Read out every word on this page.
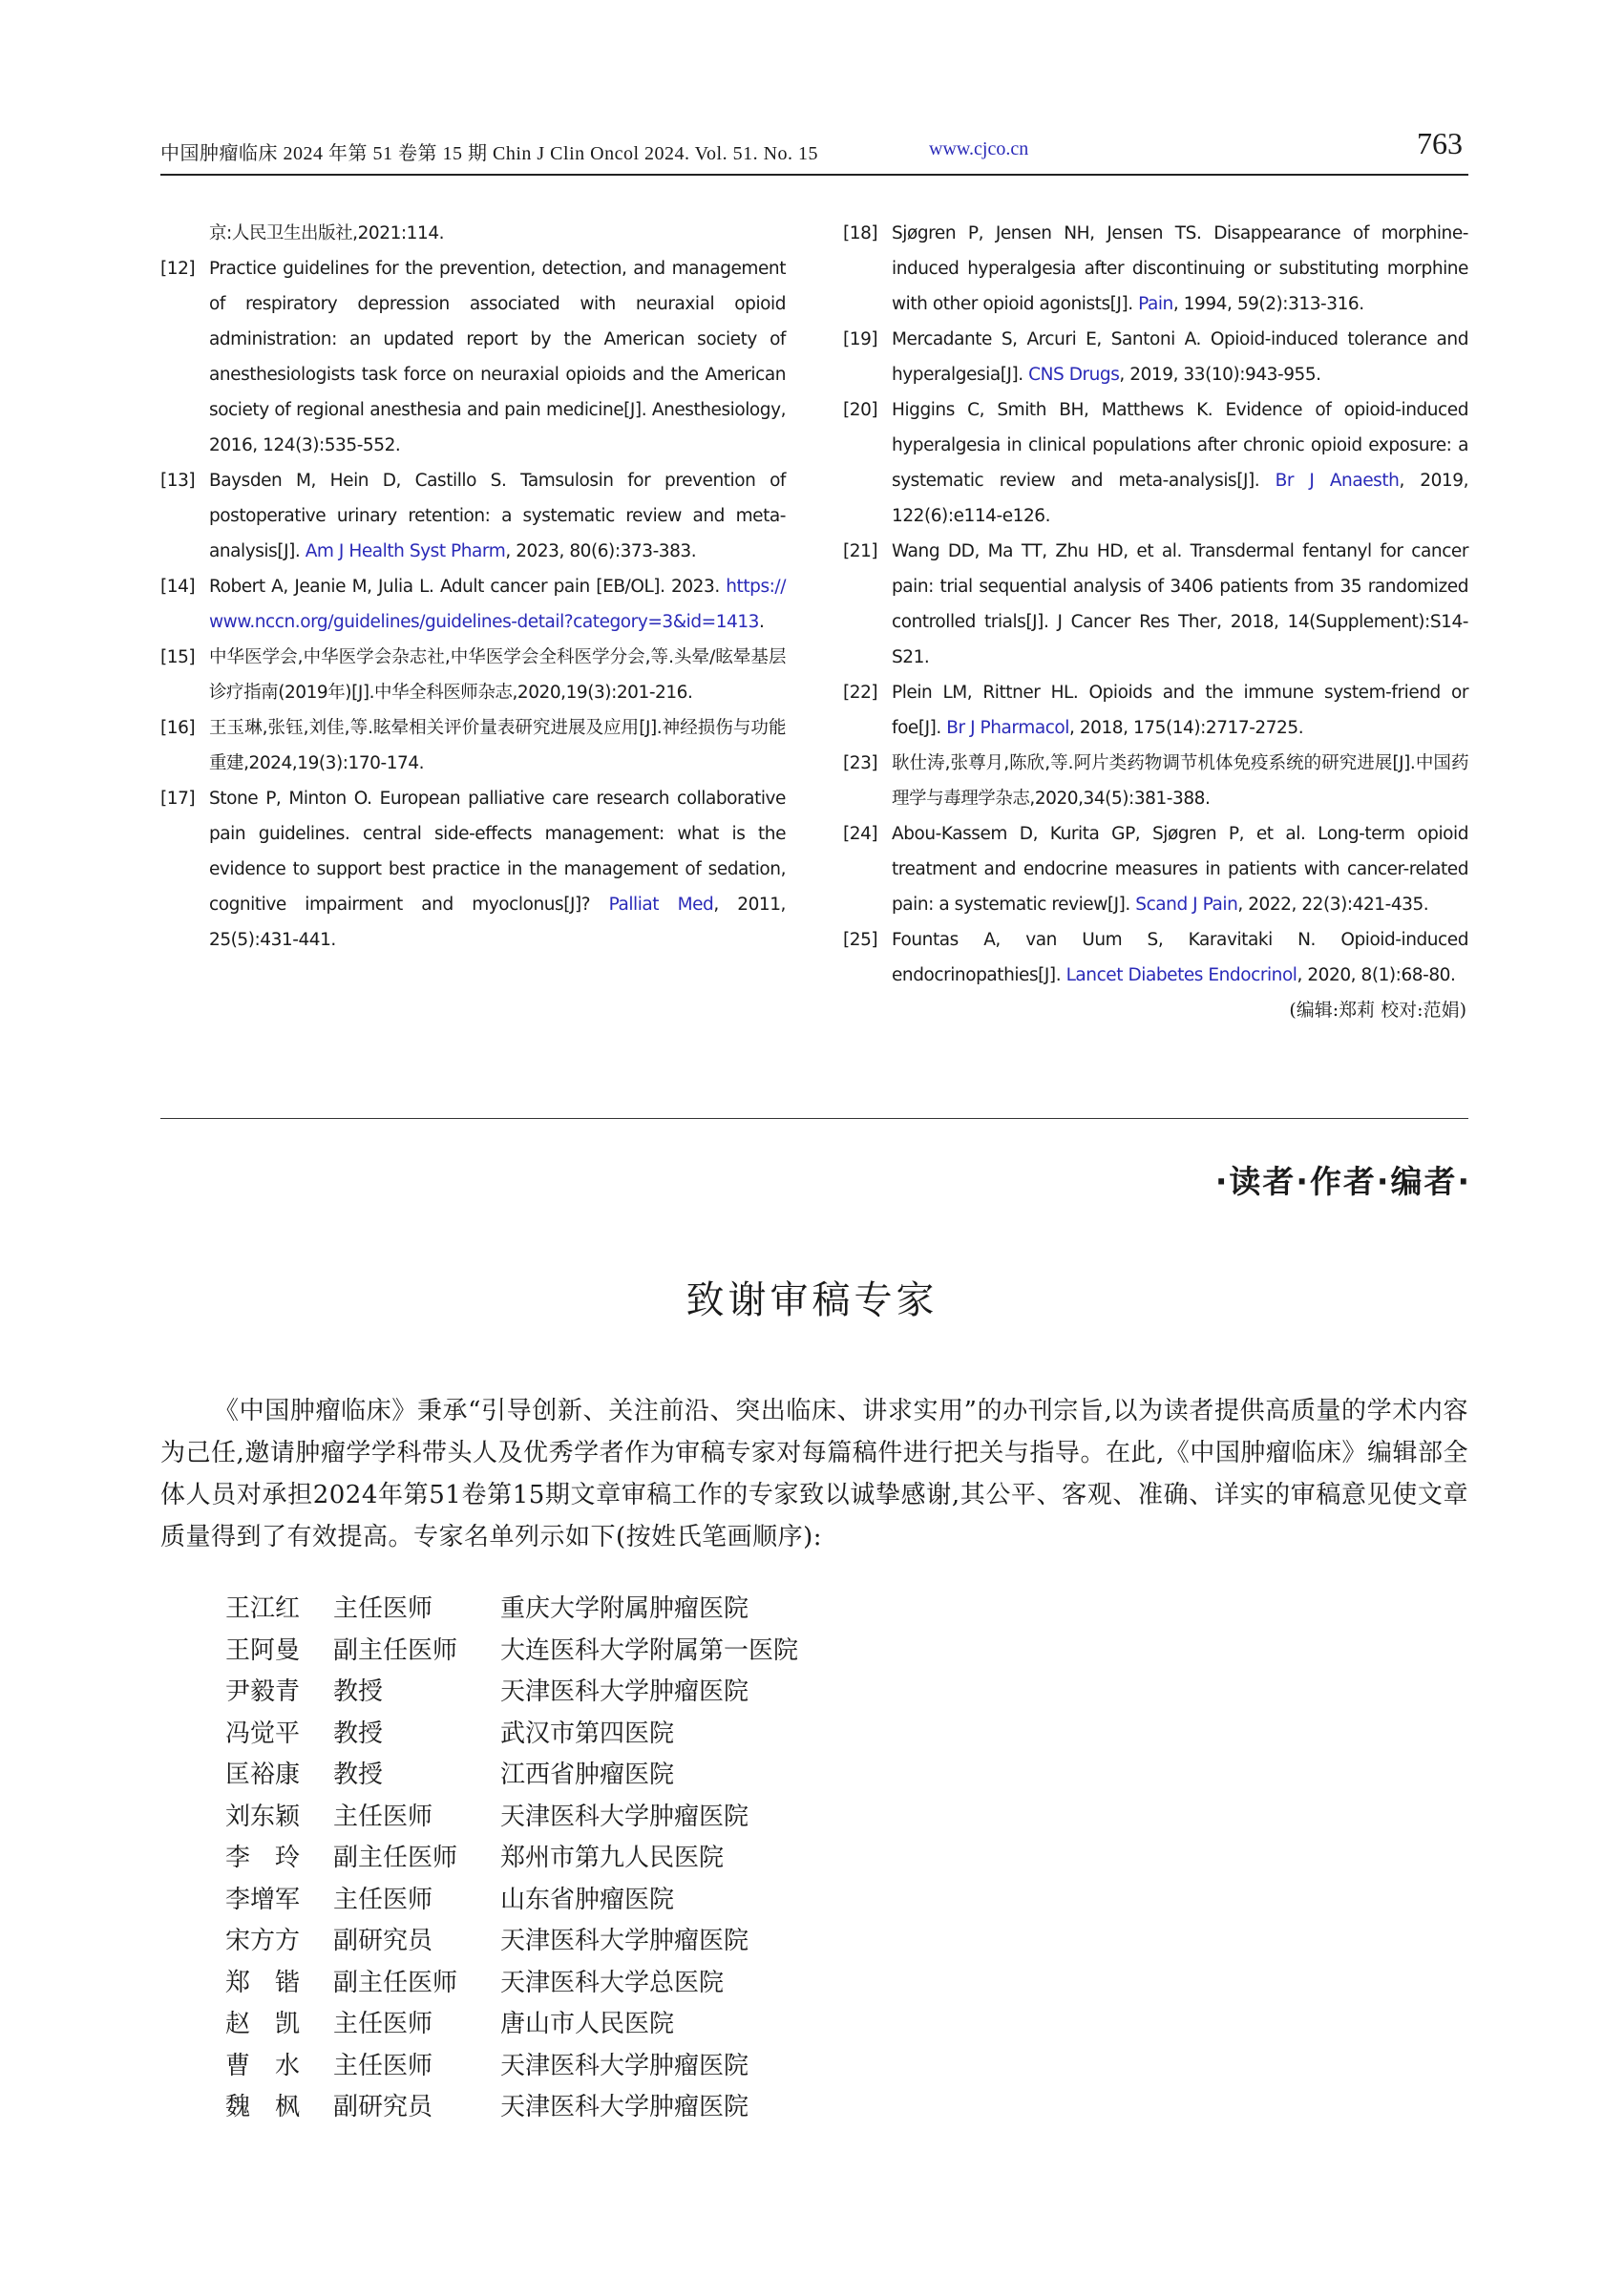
中国肿瘤临床 2024 年第 51 卷第 15 期 Chin J Clin Oncol 2024. Vol. 51. No. 15	www.cjco.cn	763
京:人民卫生出版社,2021:114.
[12] Practice guidelines for the prevention, detection, and management of respiratory depression associated with neuraxial opioid administration: an updated report by the American society of anesthesiologists task force on neuraxial opioids and the American society of regional anesthesia and pain medicine[J]. Anesthesiology, 2016, 124(3):535-552.
[13] Baysden M, Hein D, Castillo S. Tamsulosin for prevention of postoperative urinary retention: a systematic review and meta-analysis[J]. Am J Health Syst Pharm, 2023, 80(6):373-383.
[14] Robert A, Jeanie M, Julia L. Adult cancer pain [EB/OL]. 2023. https://www.nccn.org/guidelines/guidelines-detail?category=3&id=1413.
[15] 中华医学会,中华医学会杂志社,中华医学会全科医学分会,等.头晕/眩晕基层诊疗指南(2019年)[J].中华全科医师杂志,2020,19(3):201-216.
[16] 王玉琳,张钰,刘佳,等.眩晕相关评价量表研究进展及应用[J].神经损伤与功能重建,2024,19(3):170-174.
[17] Stone P, Minton O. European palliative care research collaborative pain guidelines. central side-effects management: what is the evidence to support best practice in the management of sedation, cognitive impairment and myoclonus[J]? Palliat Med, 2011, 25(5):431-441.
[18] Sjøgren P, Jensen NH, Jensen TS. Disappearance of morphine-induced hyperalgesia after discontinuing or substituting morphine with other opioid agonists[J]. Pain, 1994, 59(2):313-316.
[19] Mercadante S, Arcuri E, Santoni A. Opioid-induced tolerance and hyperalgesia[J]. CNS Drugs, 2019, 33(10):943-955.
[20] Higgins C, Smith BH, Matthews K. Evidence of opioid-induced hyperalgesia in clinical populations after chronic opioid exposure: a systematic review and meta-analysis[J]. Br J Anaesth, 2019, 122(6):e114-e126.
[21] Wang DD, Ma TT, Zhu HD, et al. Transdermal fentanyl for cancer pain: trial sequential analysis of 3406 patients from 35 randomized controlled trials[J]. J Cancer Res Ther, 2018, 14(Supplement):S14-S21.
[22] Plein LM, Rittner HL. Opioids and the immune system-friend or foe[J]. Br J Pharmacol, 2018, 175(14):2717-2725.
[23] 耿仕涛,张尊月,陈欣,等.阿片类药物调节机体免疫系统的研究进展[J].中国药理学与毒理学杂志,2020,34(5):381-388.
[24] Abou-Kassem D, Kurita GP, Sjøgren P, et al. Long-term opioid treatment and endocrine measures in patients with cancer-related pain: a systematic review[J]. Scand J Pain, 2022, 22(3):421-435.
[25] Fountas A, van Uum S, Karavitaki N. Opioid-induced endocrinopathies[J]. Lancet Diabetes Endocrinol, 2020, 8(1):68-80.
(编辑:郑莉 校对:范娟)
·读者·作者·编者·
致谢审稿专家

《中国肿瘤临床》秉承“引导创新、关注前沿、突出临床、讲求实用”的办刊宗旨,以为读者提供高质量的学术内容为己任,邀请肿瘤学学科带头人及优秀学者作为审稿专家对每篇稿件进行把关与指导。在此,《中国肿瘤临床》编辑部全体人员对承担2024年第51卷第15期文章审稿工作的专家致以诚挚感谢,其公平、客观、准确、详实的审稿意见使文章质量得到了有效提高。专家名单列示如下(按姓氏笔画顺序):

王江红	主任医师	重庆大学附属肿瘤医院
王阿曼	副主任医师	大连医科大学附属第一医院
尹毅青	教授	天津医科大学肿瘤医院
冯觉平	教授	武汉市第四医院
匡裕康	教授	江西省肿瘤医院
刘东颖	主任医师	天津医科大学肿瘤医院
李　玲	副主任医师	郑州市第九人民医院
李增军	主任医师	山东省肿瘤医院
宋方方	副研究员	天津医科大学肿瘤医院
郑　锴	副主任医师	天津医科大学总医院
赵　凯	主任医师	唐山市人民医院
曹　水	主任医师	天津医科大学肿瘤医院
魏　枫	副研究员	天津医科大学肿瘤医院
